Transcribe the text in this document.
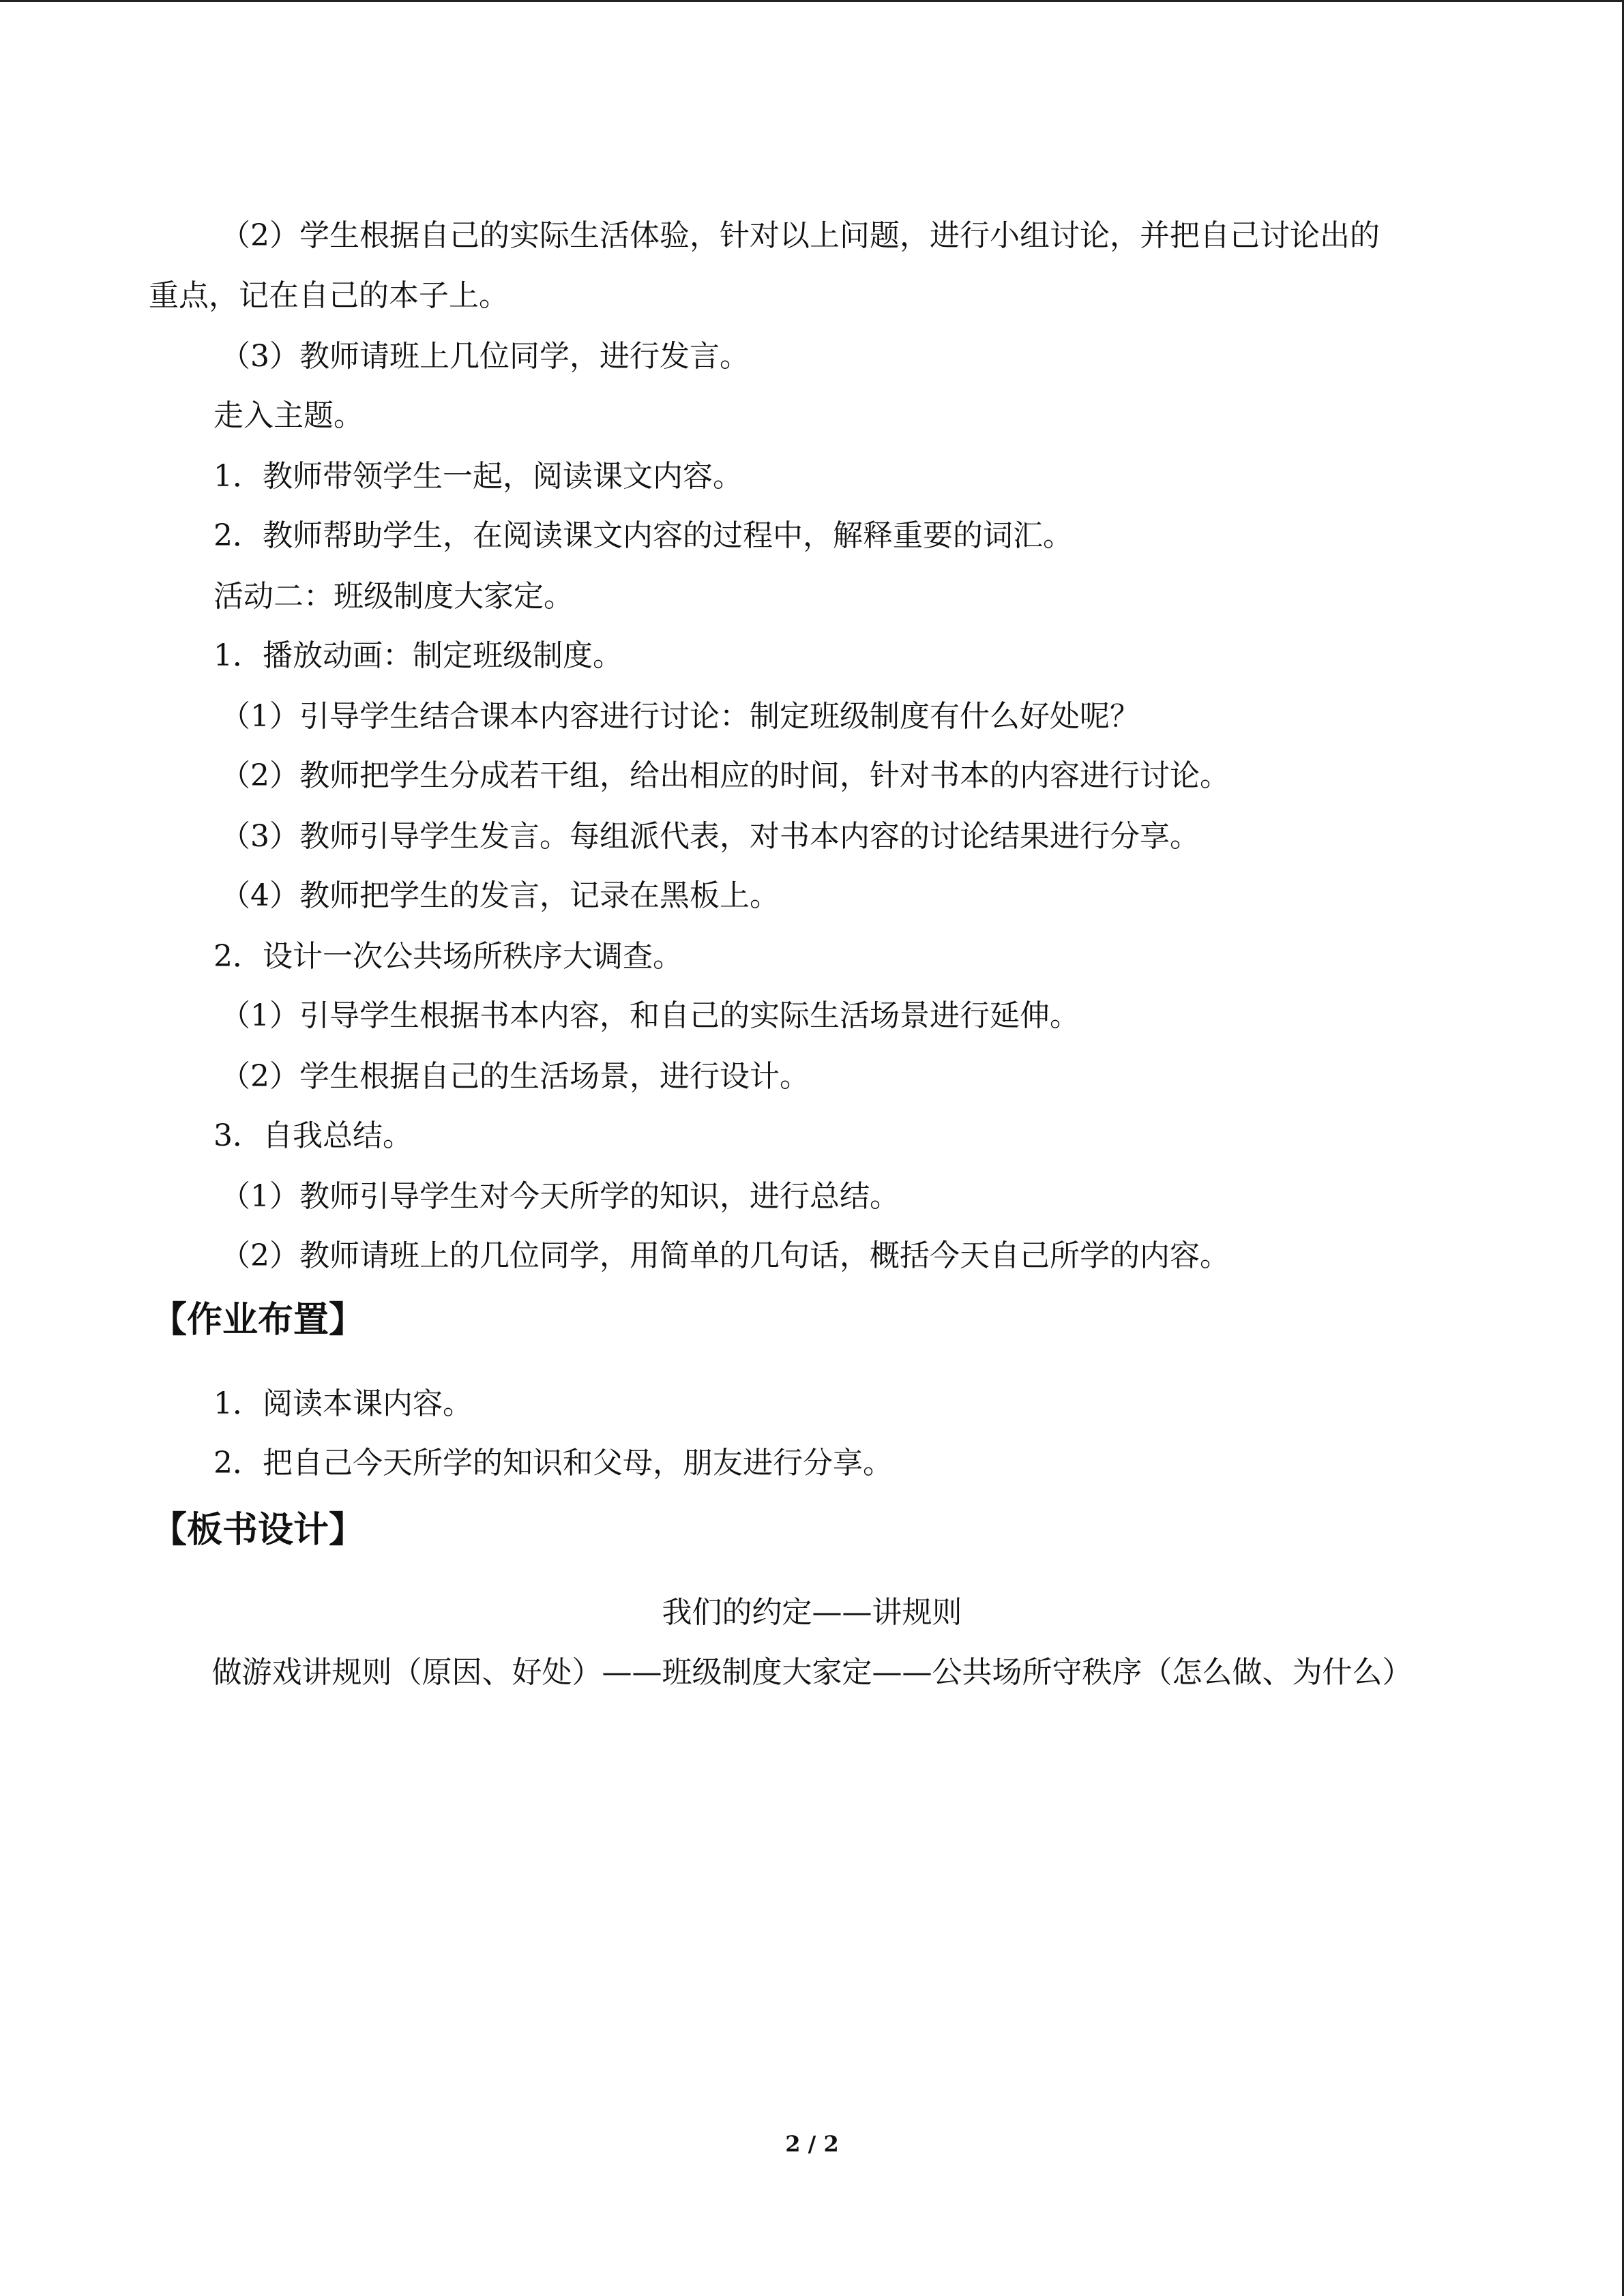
（2）学生根据自己的实际生活体验，针对以上问题，进行小组讨论，并把自己讨论出的
重点，记在自己的本子上。
（3）教师请班上几位同学，进行发言。
走入主题。
1．教师带领学生一起，阅读课文内容。
2．教师帮助学生，在阅读课文内容的过程中，解释重要的词汇。
活动二：班级制度大家定。
1．播放动画：制定班级制度。
（1）引导学生结合课本内容进行讨论：制定班级制度有什么好处呢？
（2）教师把学生分成若干组，给出相应的时间，针对书本的内容进行讨论。
（3）教师引导学生发言。每组派代表，对书本内容的讨论结果进行分享。
（4）教师把学生的发言，记录在黑板上。
2．设计一次公共场所秩序大调查。
（1）引导学生根据书本内容，和自己的实际生活场景进行延伸。
（2）学生根据自己的生活场景，进行设计。
3．自我总结。
（1）教师引导学生对今天所学的知识，进行总结。
（2）教师请班上的几位同学，用简单的几句话，概括今天自己所学的内容。
【作业布置】
1．阅读本课内容。
2．把自己今天所学的知识和父母，朋友进行分享。
【板书设计】
我们的约定——讲规则
做游戏讲规则（原因、好处）——班级制度大家定——公共场所守秩序（怎么做、为什么）
2 / 2
